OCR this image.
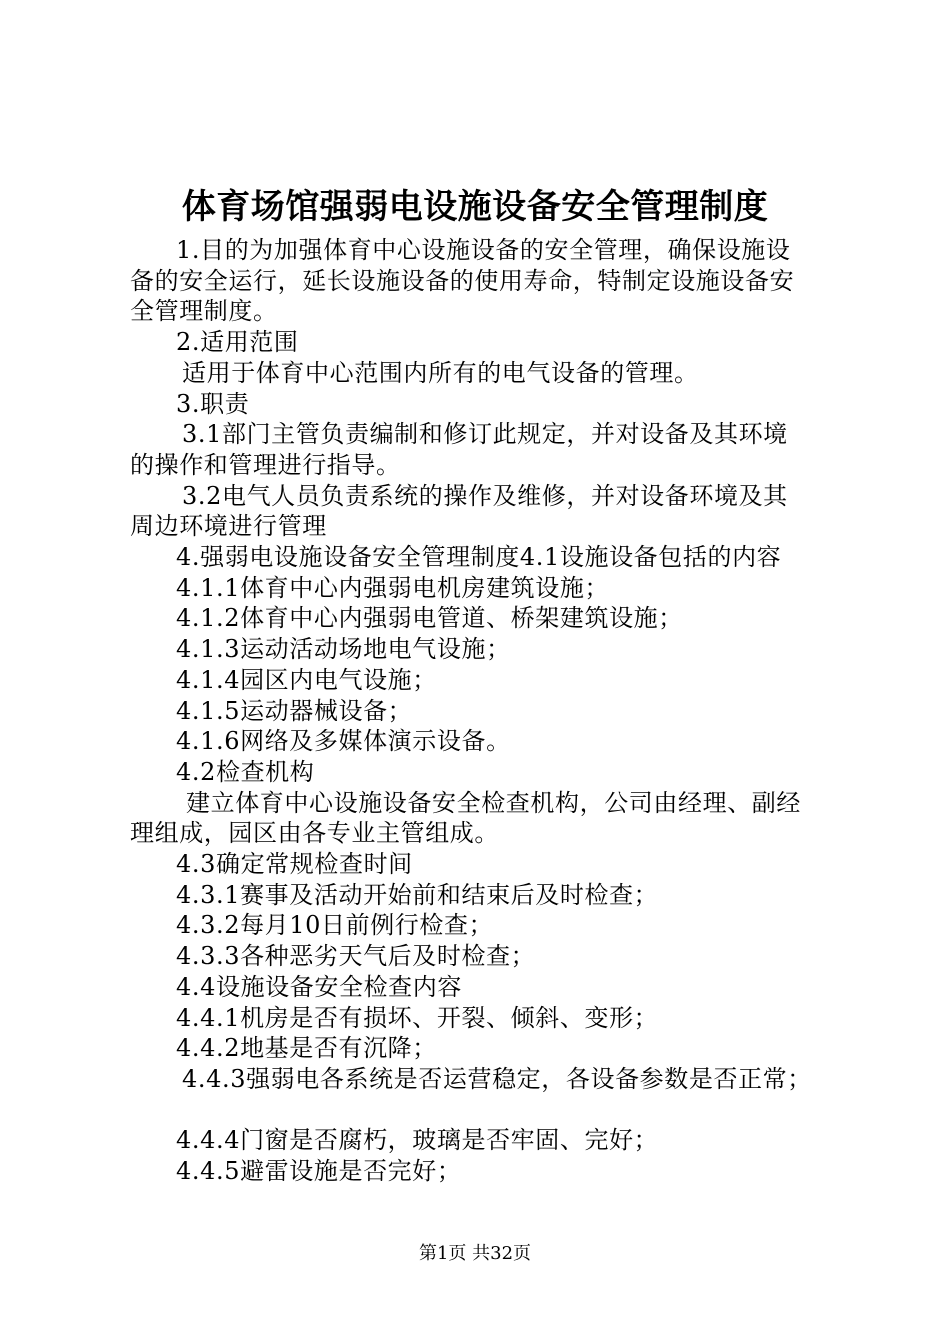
体育场馆强弱电设施设备安全管理制度
1.目的为加强体育中心设施设备的安全管理，确保设施设
备的安全运行，延长设施设备的使用寿命，特制定设施设备安
全管理制度。
2.适用范围
适用于体育中心范围内所有的电气设备的管理。
3.职责
3.1部门主管负责编制和修订此规定，并对设备及其环境
的操作和管理进行指导。
3.2电气人员负责系统的操作及维修，并对设备环境及其
周边环境进行管理
4.强弱电设施设备安全管理制度4.1设施设备包括的内容
4.1.1体育中心内强弱电机房建筑设施；
4.1.2体育中心内强弱电管道、桥架建筑设施；
4.1.3运动活动场地电气设施；
4.1.4园区内电气设施；
4.1.5运动器械设备；
4.1.6网络及多媒体演示设备。
4.2检查机构
建立体育中心设施设备安全检查机构，公司由经理、副经
理组成，园区由各专业主管组成。
4.3确定常规检查时间
4.3.1赛事及活动开始前和结束后及时检查；
4.3.2每月10日前例行检查；
4.3.3各种恶劣天气后及时检查；
4.4设施设备安全检查内容
4.4.1机房是否有损坏、开裂、倾斜、变形；
4.4.2地基是否有沉降；
4.4.3强弱电各系统是否运营稳定，各设备参数是否正常；
4.4.4门窗是否腐朽，玻璃是否牢固、完好；
4.4.5避雷设施是否完好；
第1页 共32页
